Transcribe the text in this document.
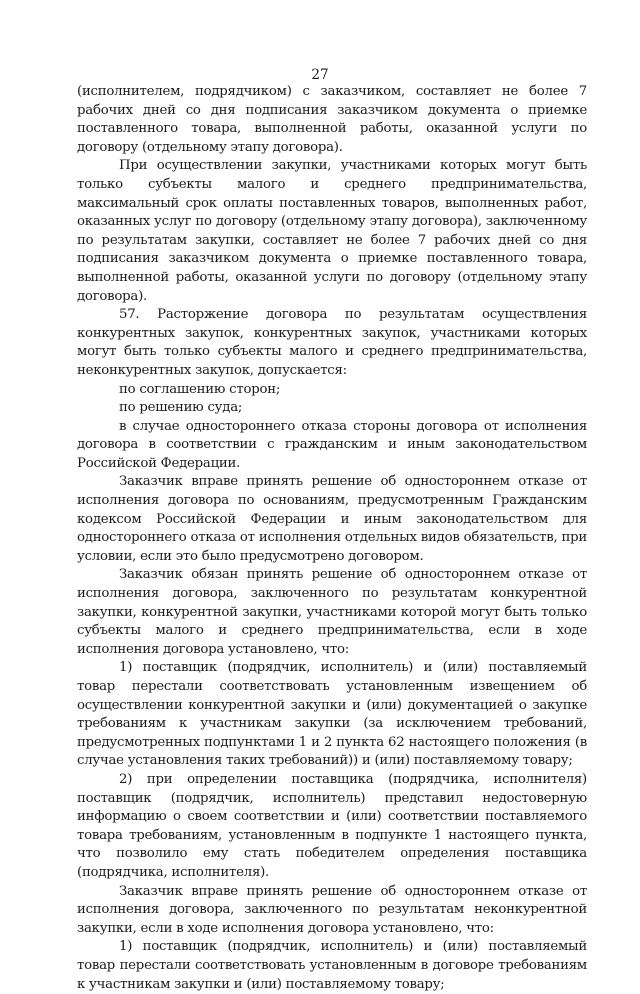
27

(исполнителем, подрядчиком) с заказчиком, составляет не более 7 рабочих дней со дня подписания заказчиком документа о приемке поставленного товара, выполненной работы, оказанной услуги по договору (отдельному этапу договора).

При осуществлении закупки, участниками которых могут быть только субъекты малого и среднего предпринимательства, максимальный срок оплаты поставленных товаров, выполненных работ, оказанных услуг по договору (отдельному этапу договора), заключенному по результатам закупки, составляет не более 7 рабочих дней со дня подписания заказчиком документа о приемке поставленного товара, выполненной работы, оказанной услуги по договору (отдельному этапу договора).

57. Расторжение договора по результатам осуществления конкурентных закупок, конкурентных закупок, участниками которых могут быть только субъекты малого и среднего предпринимательства, неконкурентных закупок, допускается:

по соглашению сторон;

по решению суда;

в случае одностороннего отказа стороны договора от исполнения договора в соответствии с гражданским и иным законодательством Российской Федерации.

Заказчик вправе принять решение об одностороннем отказе от исполнения договора по основаниям, предусмотренным Гражданским кодексом Российской Федерации и иным законодательством для одностороннего отказа от исполнения отдельных видов обязательств, при условии, если это было предусмотрено договором.

Заказчик обязан принять решение об одностороннем отказе от исполнения договора, заключенного по результатам конкурентной закупки, конкурентной закупки, участниками которой могут быть только субъекты малого и среднего предпринимательства, если в ходе исполнения договора установлено, что:

1) поставщик (подрядчик, исполнитель) и (или) поставляемый товар перестали соответствовать установленным извещением об осуществлении конкурентной закупки и (или) документацией о закупке требованиям к участникам закупки (за исключением требований, предусмотренных подпунктами 1 и 2 пункта 62 настоящего положения (в случае установления таких требований)) и (или) поставляемому товару;

2) при определении поставщика (подрядчика, исполнителя) поставщик (подрядчик, исполнитель) представил недостоверную информацию о своем соответствии и (или) соответствии поставляемого товара требованиям, установленным в подпункте 1 настоящего пункта, что позволило ему стать победителем определения поставщика (подрядчика, исполнителя).

Заказчик вправе принять решение об одностороннем отказе от исполнения договора, заключенного по результатам неконкурентной закупки, если в ходе исполнения договора установлено, что:

1) поставщик (подрядчик, исполнитель) и (или) поставляемый товар перестали соответствовать установленным в договоре требованиям к участникам закупки и (или) поставляемому товару;
